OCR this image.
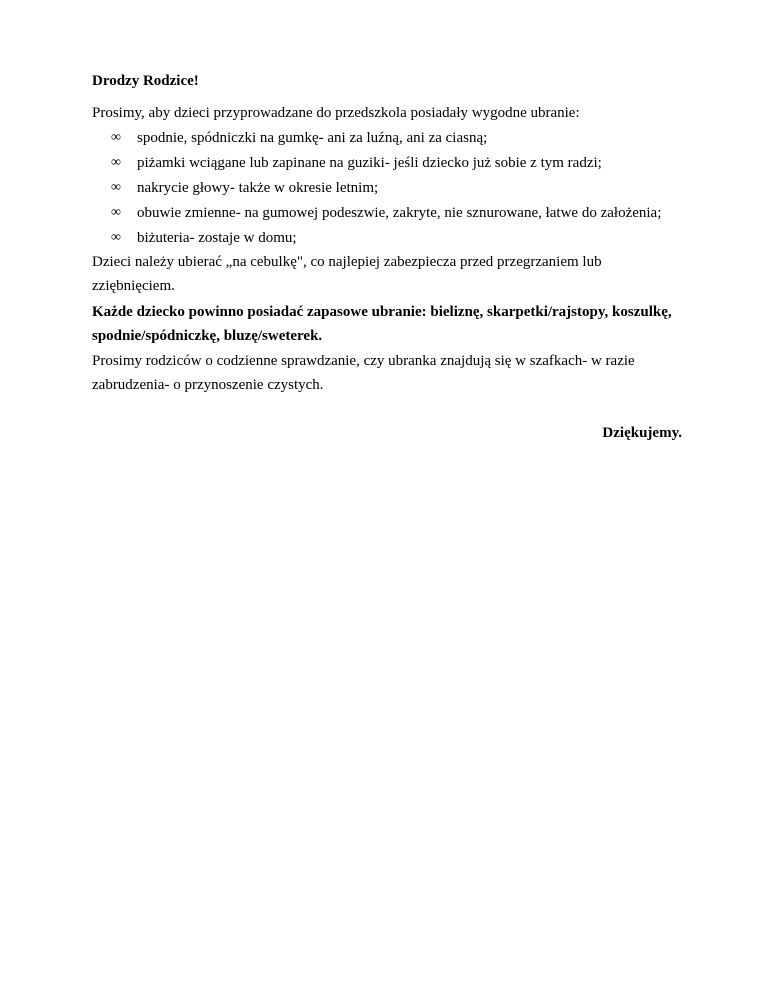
Drodzy Rodzice!

Prosimy, aby dzieci przyprowadzane do przedszkola posiadały wygodne ubranie:

∞ spodnie, spódniczki na gumkę- ani za luźną, ani za ciasną;
∞ piżamki wciągane lub zapinane na guziki- jeśli dziecko już sobie z tym radzi;
∞ nakrycie głowy- także w okresie letnim;
∞ obuwie zmienne- na gumowej podeszwie, zakryte, nie sznurowane, łatwe do założenia;
∞ biżuteria- zostaje w domu;

Dzieci należy ubierać „na cebulkę", co najlepiej zabezpiecza przed przegrzaniem lub zziębnięciem.

Każde dziecko powinno posiadać zapasowe ubranie: bieliznę, skarpetki/rajstopy, koszulkę, spodnie/spódniczkę, bluzę/sweterek.

Prosimy rodziców o codzienne sprawdzanie, czy ubranka znajdują się w szafkach- w razie zabrudzenia- o przynoszenie czystych.

Dziękujemy.
